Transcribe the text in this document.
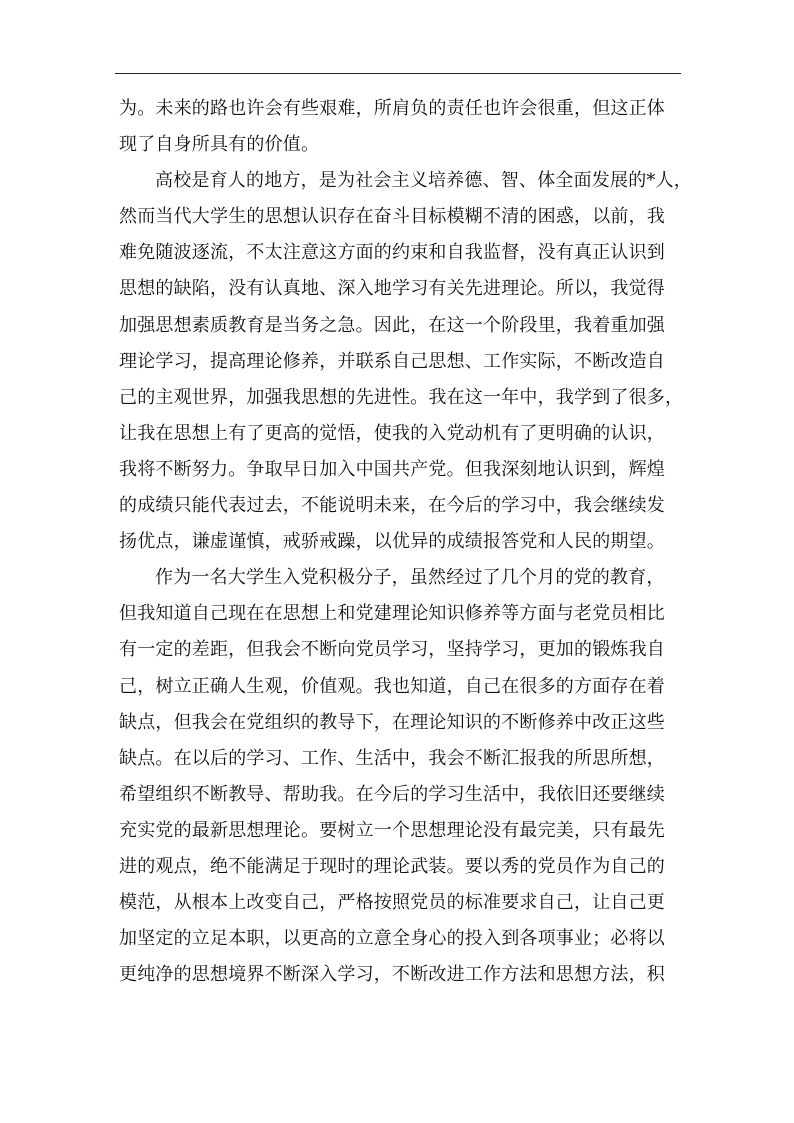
为。未来的路也许会有些艰难，所肩负的责任也许会很重，但这正体
现了自身所具有的价值。
高校是育人的地方，是为社会主义培养德、智、体全面发展的*人，
然而当代大学生的思想认识存在奋斗目标模糊不清的困惑，以前，我
难免随波逐流，不太注意这方面的约束和自我监督，没有真正认识到
思想的缺陷，没有认真地、深入地学习有关先进理论。所以，我觉得
加强思想素质教育是当务之急。因此，在这一个阶段里，我着重加强
理论学习，提高理论修养，并联系自己思想、工作实际，不断改造自
己的主观世界，加强我思想的先进性。我在这一年中，我学到了很多，
让我在思想上有了更高的觉悟，使我的入党动机有了更明确的认识，
我将不断努力。争取早日加入中国共产党。但我深刻地认识到，辉煌
的成绩只能代表过去，不能说明未来，在今后的学习中，我会继续发
扬优点，谦虚谨慎，戒骄戒躁，以优异的成绩报答党和人民的期望。
作为一名大学生入党积极分子，虽然经过了几个月的党的教育，
但我知道自己现在在思想上和党建理论知识修养等方面与老党员相比
有一定的差距，但我会不断向党员学习，坚持学习，更加的锻炼我自
己，树立正确人生观，价值观。我也知道，自己在很多的方面存在着
缺点，但我会在党组织的教导下，在理论知识的不断修养中改正这些
缺点。在以后的学习、工作、生活中，我会不断汇报我的所思所想，
希望组织不断教导、帮助我。在今后的学习生活中，我依旧还要继续
充实党的最新思想理论。要树立一个思想理论没有最完美，只有最先
进的观点，绝不能满足于现时的理论武装。要以秀的党员作为自己的
模范，从根本上改变自己，严格按照党员的标准要求自己，让自己更
加坚定的立足本职，以更高的立意全身心的投入到各项事业；必将以
更纯净的思想境界不断深入学习，不断改进工作方法和思想方法，积
